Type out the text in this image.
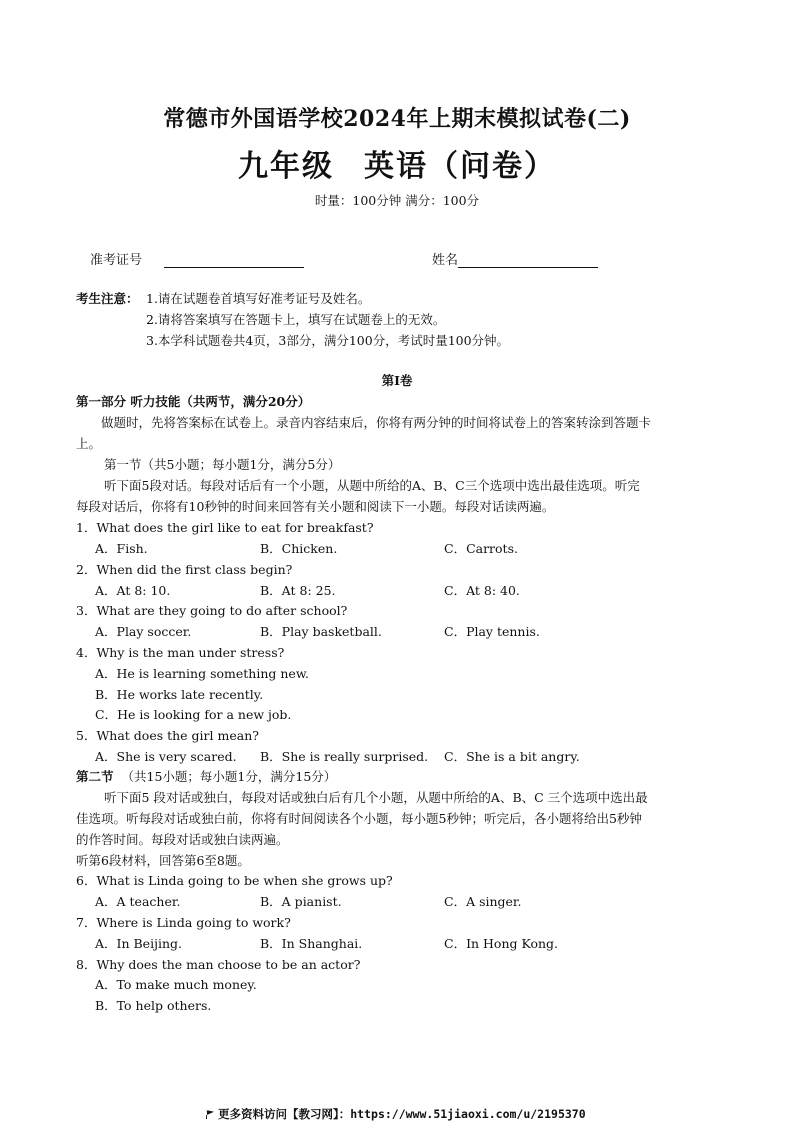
常德市外国语学校2024年上期末模拟试卷(二)
九年级 英语（问卷）
时量：100分钟 满分：100分
准考证号	姓名
考生注意： 1.请在试题卷首填写好准考证号及姓名。
2.请将答案填写在答题卡上，填写在试题卷上的无效。
3.本学科试题卷共4页，3部分，满分100分，考试时量100分钟。
第Ⅰ卷
第一部分 听力技能（共两节，满分20分）
做题时，先将答案标在试卷上。录音内容结束后，你将有两分钟的时间将试卷上的答案转涂到答题卡
上。
第一节（共5小题；每小题1分，满分5分）
听下面5段对话。每段对话后有一个小题，从题中所给的A、B、C三个选项中选出最佳选项。听完
每段对话后，你将有10秒钟的时间来回答有关小题和阅读下一小题。每段对话读两遍。
1．What does the girl like to eat for breakfast?
A．Fish.	B．Chicken.	C．Carrots.
2．When did the first class begin?
A．At 8: 10.	B．At 8: 25.	C．At 8: 40.
3．What are they going to do after school?
A．Play soccer.	B．Play basketball.	C．Play tennis.
4．Why is the man under stress?
A．He is learning something new.
B．He works late recently.
C．He is looking for a new job.
5．What does the girl mean?
A．She is very scared. B．She is really surprised. C．She is a bit angry.
第二节 （共15小题；每小题1分，满分15分）
听下面5 段对话或独白，每段对话或独白后有几个小题，从题中所给的A、B、C 三个选项中选出最
佳选项。听每段对话或独白前，你将有时间阅读各个小题，每小题5秒钟；听完后，各小题将给出5秒钟
的作答时间。每段对话或独白读两遍。
听第6段材料，回答第6至8题。
6．What is Linda going to be when she grows up?
A．A teacher.	B．A pianist.	C．A singer.
7．Where is Linda going to work?
A．In Beijing.	B．In Shanghai.	C．In Hong Kong.
8．Why does the man choose to be an actor?
A．To make much money.
B．To help others.
更多资料访问【教习网】：https://www.51jiaoxi.com/u/2195370
